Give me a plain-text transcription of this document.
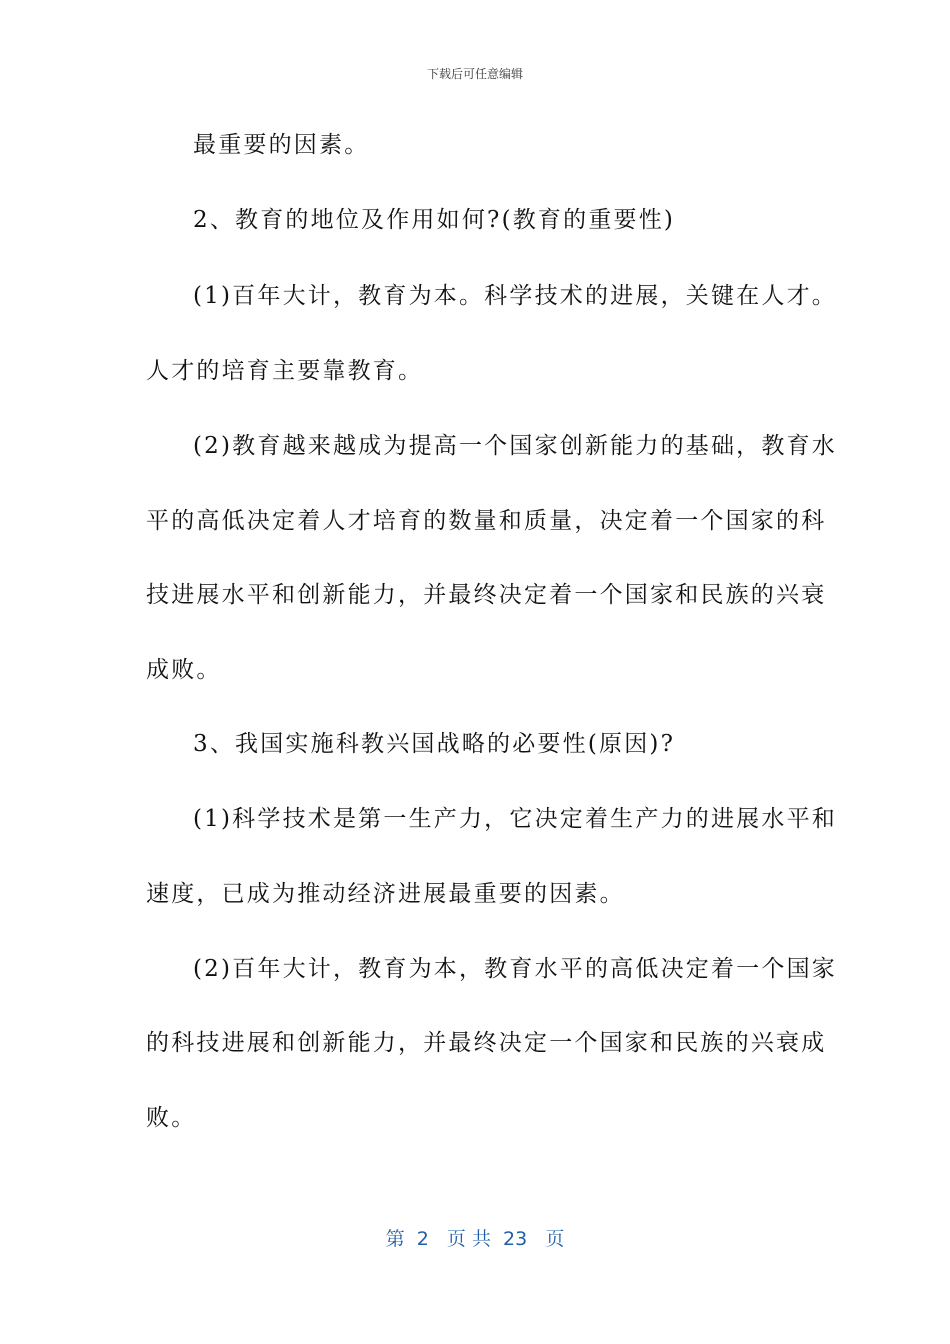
下载后可任意编辑
最重要的因素。
2、教育的地位及作用如何?(教育的重要性)
(1)百年大计，教育为本。科学技术的进展，关键在人才。
人才的培育主要靠教育。
(2)教育越来越成为提高一个国家创新能力的基础，教育水
平的高低决定着人才培育的数量和质量，决定着一个国家的科
技进展水平和创新能力，并最终决定着一个国家和民族的兴衰
成败。
3、我国实施科教兴国战略的必要性(原因)?
(1)科学技术是第一生产力，它决定着生产力的进展水平和
速度，已成为推动经济进展最重要的因素。
(2)百年大计，教育为本，教育水平的高低决定着一个国家
的科技进展和创新能力，并最终决定一个国家和民族的兴衰成
败。
第  2   页 共  23   页
